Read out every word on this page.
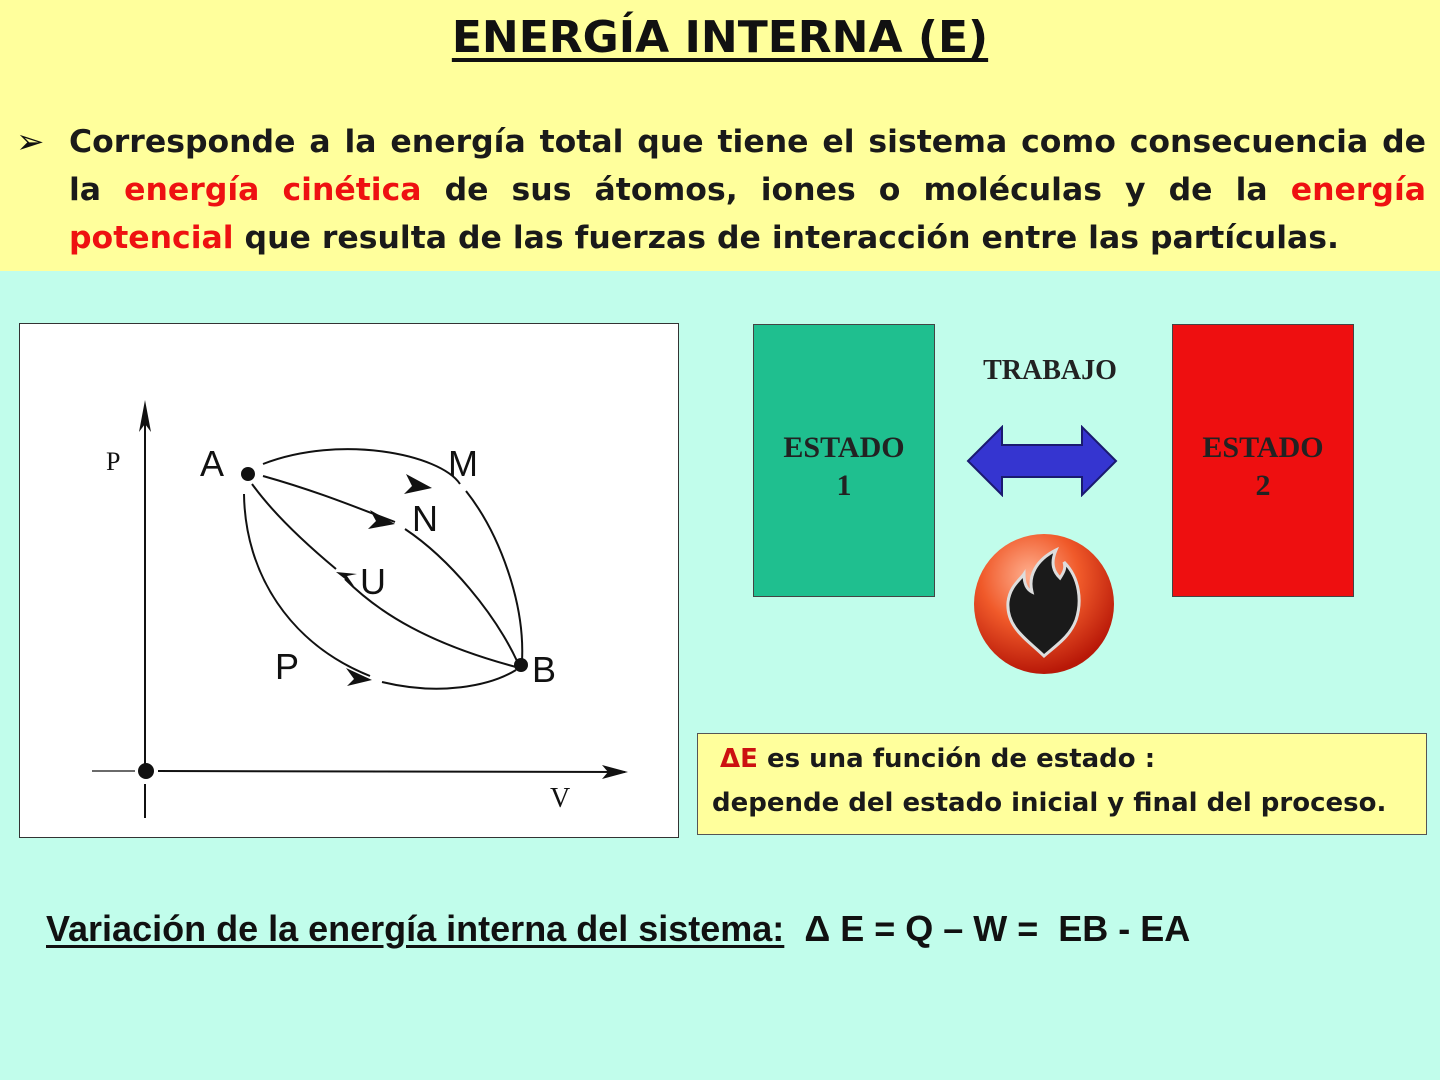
ENERGÍA INTERNA (E)
➢ Corresponde a la energía total que tiene el sistema como consecuencia de la energía cinética de sus átomos, iones o moléculas y de la energía potencial que resulta de las fuerzas de interacción entre las partículas.
A
B
M
N
U
P
P
V
ESTADO
1
ESTADO
2
TRABAJO
ΔE es una función de estado :
depende del estado inicial y final del proceso.
Variación de la energía interna del sistema:  Δ E = Q – W =  EB - EA
